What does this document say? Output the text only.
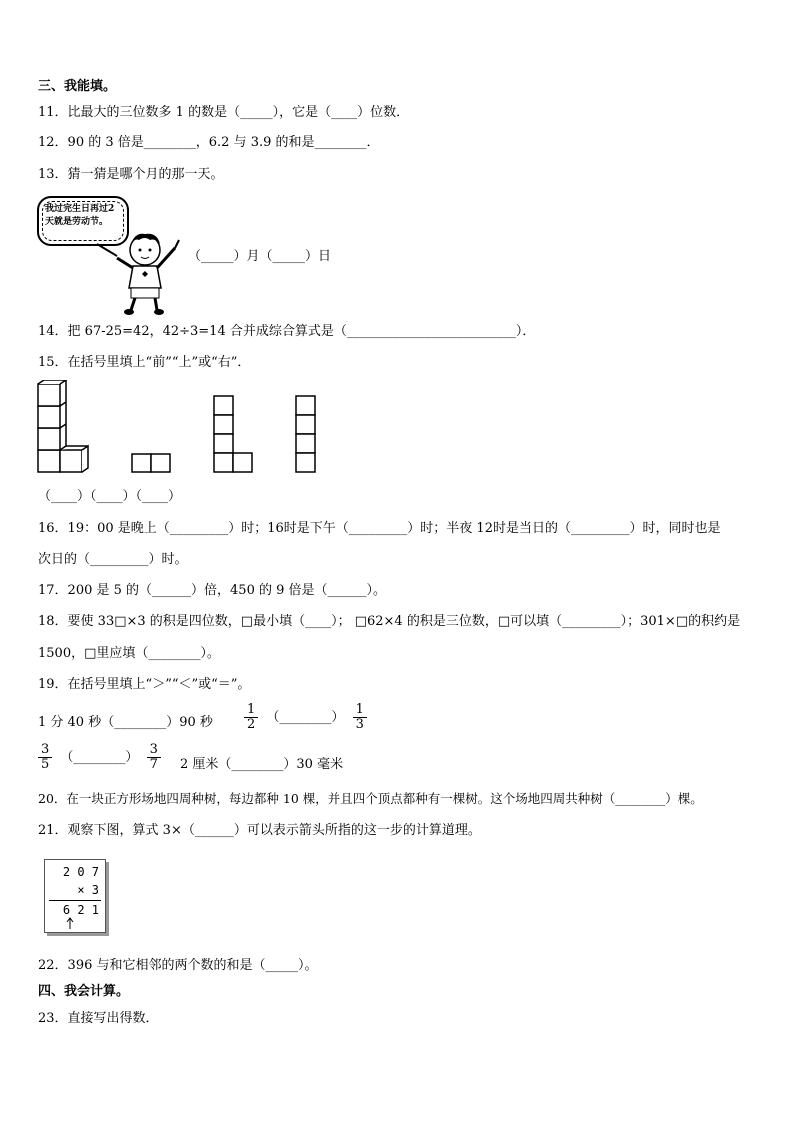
三、我能填。
11．比最大的三位数多 1 的数是（_____），它是（____）位数．
12．90 的 3 倍是________，6.2 与 3.9 的和是________．
13．猜一猜是哪个月的那一天。
我过完生日再过2天就是劳动节。
（_____）月（_____）日
14．把 67-25=42，42÷3=14 合并成综合算式是（__________________________）．
15．在括号里填上“前”“上”或“右”．
（____）（____）（____）
16．19：00 是晚上（_________）时；16时是下午（_________）时；半夜 12时是当日的（_________）时，同时也是
次日的（_________）时。
17．200 是 5 的（______）倍，450 的 9 倍是（______）。
18．要使 33□×3 的积是四位数，□最小填（____）； □62×4 的积是三位数，□可以填（_________）；301×□的积约是
1500，□里应填（________）。
19．在括号里填上“＞”“＜”或“＝”。
1 分 40 秒（________）90 秒 $\frac{1}{2}$ （________） $\frac{1}{3}$
$\frac{3}{5}$ （________） $\frac{3}{7} 2$ 厘米（________）30 毫米
20．在一块正方形场地四周种树，每边都种 10 棵，并且四个顶点都种有一棵树。这个场地四周共种树（________）棵。
21．观察下图，算式 3×（______）可以表示箭头所指的这一步的计算道理。
2 0 7
× 3
6 2 1
22．396 与和它相邻的两个数的和是（_____）。
四、我会计算。
23．直接写出得数．
